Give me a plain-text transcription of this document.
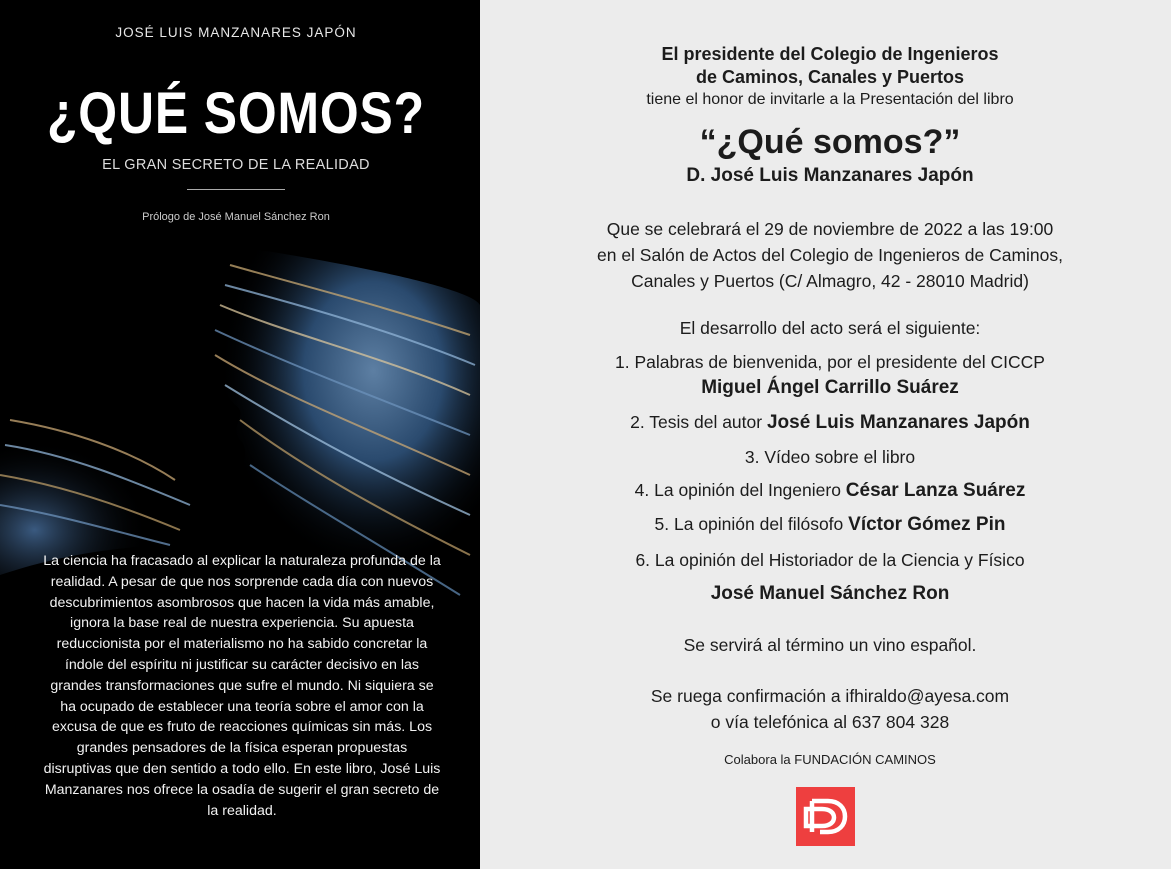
JOSÉ LUIS MANZANARES JAPÓN
¿QUÉ SOMOS?
EL GRAN SECRETO DE LA REALIDAD
Prólogo de José Manuel Sánchez Ron
La ciencia ha fracasado al explicar la naturaleza profunda de la realidad. A pesar de que nos sorprende cada día con nuevos descubrimientos asombrosos que hacen la vida más amable, ignora la base real de nuestra experiencia. Su apuesta reduccionista por el materialismo no ha sabido concretar la índole del espíritu ni justificar su carácter decisivo en las grandes transformaciones que sufre el mundo. Ni siquiera se ha ocupado de establecer una teoría sobre el amor con la excusa de que es fruto de reacciones químicas sin más. Los grandes pensadores de la física esperan propuestas disruptivas que den sentido a todo ello. En este libro, José Luis Manzanares nos ofrece la osadía de sugerir el gran secreto de la realidad.
El presidente del Colegio de Ingenieros
de Caminos, Canales y Puertos
tiene el honor de invitarle a la Presentación del libro
“¿Qué somos?”
D. José Luis Manzanares Japón
Que se celebrará el 29 de noviembre de 2022 a las 19:00
en el Salón de Actos del Colegio de Ingenieros de Caminos,
Canales y Puertos (C/ Almagro, 42 - 28010 Madrid)
El desarrollo del acto será el siguiente:
1. Palabras de bienvenida, por el presidente del CICCP
Miguel Ángel Carrillo Suárez
2. Tesis del autor José Luis Manzanares Japón
3. Vídeo sobre el libro
4. La opinión del Ingeniero César Lanza Suárez
5. La opinión del filósofo Víctor Gómez Pin
6. La opinión del Historiador de la Ciencia y Físico
José Manuel Sánchez Ron
Se servirá al término un vino español.
Se ruega confirmación a ifhiraldo@ayesa.com
o vía telefónica al 637 804 328
Colabora la FUNDACIÓN CAMINOS
